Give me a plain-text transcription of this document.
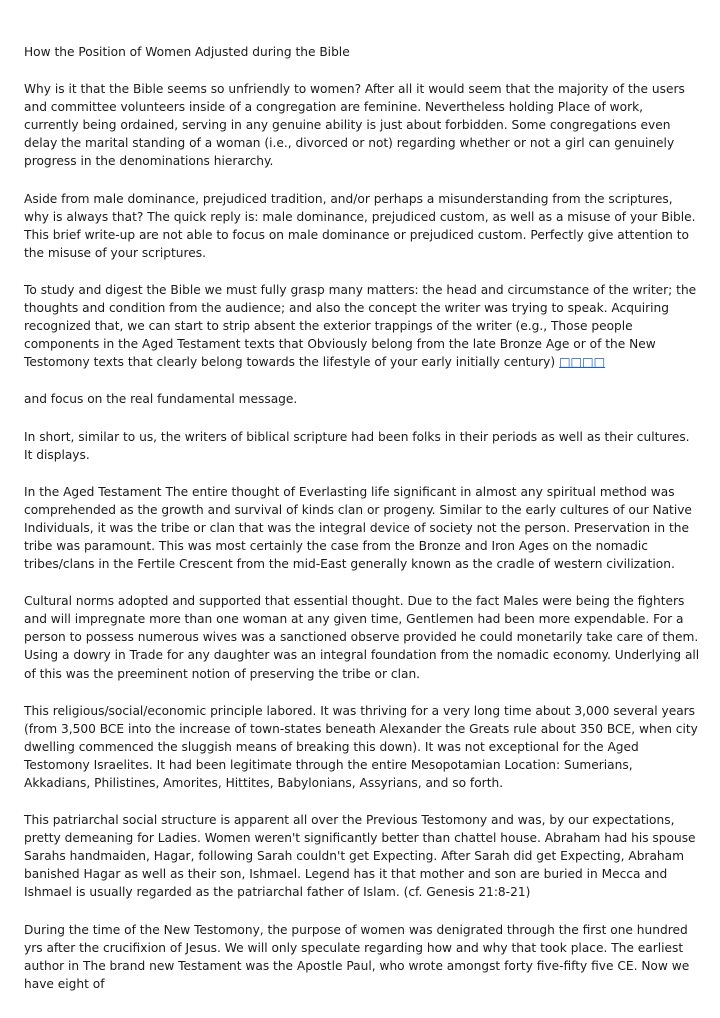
How the Position of Women Adjusted during the Bible

Why is it that the Bible seems so unfriendly to women? After all it would seem that the majority of the users and committee volunteers inside of a congregation are feminine. Nevertheless holding Place of work, currently being ordained, serving in any genuine ability is just about forbidden. Some congregations even delay the marital standing of a woman (i.e., divorced or not) regarding whether or not a girl can genuinely progress in the denominations hierarchy.

Aside from male dominance, prejudiced tradition, and/or perhaps a misunderstanding from the scriptures, why is always that? The quick reply is: male dominance, prejudiced custom, as well as a misuse of your Bible. This brief write-up are not able to focus on male dominance or prejudiced custom. Perfectly give attention to the misuse of your scriptures.

To study and digest the Bible we must fully grasp many matters: the head and circumstance of the writer; the thoughts and condition from the audience; and also the concept the writer was trying to speak. Acquiring recognized that, we can start to strip absent the exterior trappings of the writer (e.g., Those people components in the Aged Testament texts that Obviously belong from the late Bronze Age or of the New Testomony texts that clearly belong towards the lifestyle of your early initially century) □□□□

and focus on the real fundamental message.

In short, similar to us, the writers of biblical scripture had been folks in their periods as well as their cultures. It displays.

In the Aged Testament The entire thought of Everlasting life significant in almost any spiritual method was comprehended as the growth and survival of kinds clan or progeny. Similar to the early cultures of our Native Individuals, it was the tribe or clan that was the integral device of society not the person. Preservation in the tribe was paramount. This was most certainly the case from the Bronze and Iron Ages on the nomadic tribes/clans in the Fertile Crescent from the mid-East generally known as the cradle of western civilization.

Cultural norms adopted and supported that essential thought. Due to the fact Males were being the fighters and will impregnate more than one woman at any given time, Gentlemen had been more expendable. For a person to possess numerous wives was a sanctioned observe provided he could monetarily take care of them. Using a dowry in Trade for any daughter was an integral foundation from the nomadic economy. Underlying all of this was the preeminent notion of preserving the tribe or clan.

This religious/social/economic principle labored. It was thriving for a very long time about 3,000 several years (from 3,500 BCE into the increase of town-states beneath Alexander the Greats rule about 350 BCE, when city dwelling commenced the sluggish means of breaking this down). It was not exceptional for the Aged Testomony Israelites. It had been legitimate through the entire Mesopotamian Location: Sumerians, Akkadians, Philistines, Amorites, Hittites, Babylonians, Assyrians, and so forth.

This patriarchal social structure is apparent all over the Previous Testomony and was, by our expectations, pretty demeaning for Ladies. Women weren't significantly better than chattel house. Abraham had his spouse Sarahs handmaiden, Hagar, following Sarah couldn't get Expecting. After Sarah did get Expecting, Abraham banished Hagar as well as their son, Ishmael. Legend has it that mother and son are buried in Mecca and Ishmael is usually regarded as the patriarchal father of Islam. (cf. Genesis 21:8-21)

During the time of the New Testomony, the purpose of women was denigrated through the first one hundred yrs after the crucifixion of Jesus. We will only speculate regarding how and why that took place. The earliest author in The brand new Testament was the Apostle Paul, who wrote amongst forty five-fifty five CE. Now we have eight of
